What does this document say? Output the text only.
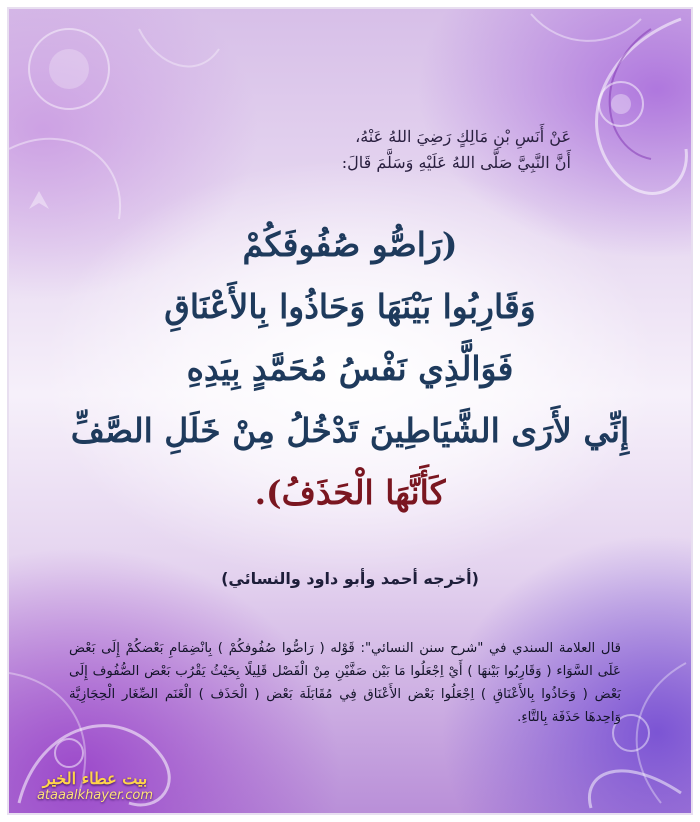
عَنْ أَنَسِ بْنِ مَالِكٍ رَضِيَ اللهُ عَنْهُ،
أَنَّ النَّبِيَّ صَلَّى اللهُ عَلَيْهِ وَسَلَّمَ قَالَ:
(رَاصُّو صُفُوفَكُمْ
وَقَارِبُوا بَيْنَهَا وَحَاذُوا بِالأَعْنَاقِ
فَوَالَّذِي نَفْسُ مُحَمَّدٍ بِيَدِهِ
إِنِّي لأَرَى الشَّيَاطِينَ تَدْخُلُ مِنْ خَلَلِ الصَّفِّ
كَأَنَّهَا الْحَذَفُ).
(أخرجه أحمد وأبو داود والنسائي)
قال العلامة السندي في "شرح سنن النسائي": قَوْله ( رَاصُّوا صُفُوفكُمْ ) بِانْضِمَامِ بَعْضكُمْ إِلَى بَعْض عَلَى السَّوَاء ( وَقَارِبُوا بَيْنهَا ) أَيْ اِجْعَلُوا مَا بَيْن صَفَّيْنِ مِنْ الْفَصْل قَلِيلًا بِحَيْثُ يَقْرُب بَعْض الصُّفُوف إِلَى بَعْض ( وَحَاذُوا بِالأَعْنَاقِ ) اِجْعَلُوا بَعْض الأَعْنَاق فِي مُقَابَلَة بَعْض ( الْحَذَف ) الْغَنَم الصِّغَار الْحِجَازِيَّة وَاحِدهَا حَذَفَة بِالتَّاءِ.
بيت عطاء الخير
ataaalkhayer.com
